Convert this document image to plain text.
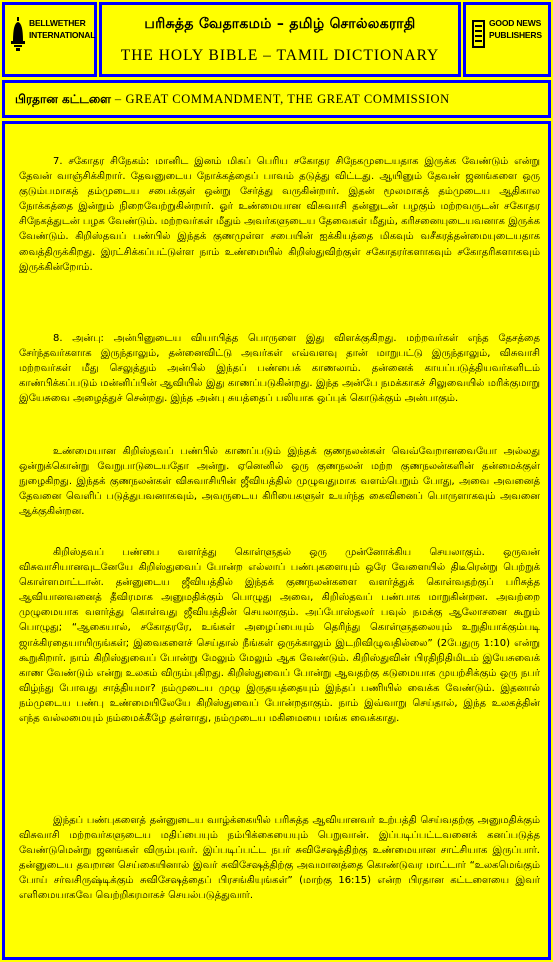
BELLWETHER
INTERNATIONAL
பரிசுத்த வேதாகமம் – தமிழ் சொல்லகராதி
THE HOLY BIBLE – TAMIL DICTIONARY
GOOD NEWS
PUBLISHERS
பிரதான கட்டளை – GREAT COMMANDMENT, THE GREAT COMMISSION

7. சகோதர சிநேகம்: மானிட இனம் மிகப் பெரிய சகோதர சிநேகமுடையதாக இருக்க வேண்டும் என்று தேவன் வாஞ்சிக்கிறார். தேவனுடைய நோக்கத்தைப் பாவம் தடுத்து விட்டது. ஆயினும் தேவன் ஜனங்களை ஒரு குடும்பமாகத் தம்முடைய சபைக்குள் ஒன்று சேர்த்து வருகின்றார். இதன் மூலமாகத் தம்முடைய ஆதிகால நோக்கத்தை இன்றும் நிறைவேற்றுகின்றார். ஓர் உண்மையான விசுவாசி தன்னுடன் பழகும் மற்றவருடன் சகோதர சிநேகத்துடன் பழக வேண்டும். மற்றவர்கள் மீதும் அவர்களுடைய தேவைகள் மீதும், கரிசனையுடையவனாக இருக்க வேண்டும். கிறிஸ்தவப் பண்பில் இந்தக் குணமுள்ள சபையின் ஐக்கியத்தை மிகவும் வசீகரத்தன்மையுடையதாக வைத்திருக்கிறது. இரட்சிக்கப்பட்டுள்ள நாம் உண்மையில் கிறிஸ்துவிற்குள் சகோதரர்களாகவும் சகோதரிகளாகவும் இருக்கின்றோம்.

8. அன்பு: அன்பினுடைய வியாபித்த பொருளை இது விளக்குகிறது. மற்றவர்கள் எந்த தேசத்தை சேர்ந்தவர்களாக இருந்தாலும், தன்னைவிட்டு அவர்கள் எவ்வளவு தான் மாறுபட்டு இருந்தாலும், விசுவாசி மற்றவர்கள் மீது செலுத்தும் அன்பில் இந்தப் பண்பைக் காணலாம். தன்னைக் காயப்படுத்தியவர்களிடம் காண்பிக்கப்படும் மன்னிப்பின் ஆவியில் இது காணப்படுகின்றது. இந்த அன்பே நமக்காகச் சிலுவையில் மரிக்குமாறு இயேசுவை அழைத்துச் சென்றது. இந்த அன்பு சுயத்தைப் பலியாக ஒப்புக் கொடுக்கும் அன்பாகும்.

உண்மையான கிறிஸ்தவப் பண்பில் காணப்படும் இந்தக் குணநலன்கள் வெவ்வேறானவையோ அல்லது ஒன்றுக்கொன்று வேறுபாடுடையதோ அன்று. ஏனெனில் ஒரு குணநலன் மற்ற குணநலன்களின் தன்மைக்குள் நுழைகிறது. இந்தக் குணநலன்கள் விசுவாசியின் ஜீவியத்தில் முழுவதுமாக வளம்பெறும் போது, அவை அவனைத் தேவனை வெளிப் படுத்துபவனாகவும், அவருடைய கிரியைகளுள் உயர்ந்த கைவினைப் பொருளாகவும் அவனை ஆக்குகின்றன.

கிறிஸ்தவப் பண்பை வளர்த்து கொள்ளுதல் ஒரு முன்னோக்கிய செயலாகும். ஒருவன் விசுவாசியானவுடனேயே கிறிஸ்துவைப் போன்ற எல்லாப் பண்புகளையும் ஒரே வேளையில் திடீரென்று பெற்றுக் கொள்ளமாட்டான். தன்னுடைய ஜீவியத்தில் இந்தக் குணநலன்களை வளர்த்துக் கொள்வதற்குப் பரிசுத்த ஆவியானவனைத் தீவிரமாக அனுமதிக்கும் பொழுது அவை, கிறிஸ்தவப் பண்பாக மாறுகின்றன. அவற்றை முழுமையாக வளர்த்து கொள்வது ஜீவியத்தின் செயலாகும். அப்போஸ்தலர் பவுல் நமக்கு ஆலோசனை கூறும் பொழுது; “ஆகையால், சகோதரரே, உங்கள் அழைப்பையும் தெரிந்து கொள்ளுதலையும் உறுதியாக்கும்படி ஜாக்கிரதையாயிருங்கள்; இவைகளைச் செய்தால் நீங்கள் ஒருக்காலும் இடறிவிழுவதில்லை” (2பேதுரு 1:10) என்று கூறுகிறார். நாம் கிறிஸ்துவைப் போன்று மேலும் மேலும் ஆக வேண்டும். கிறிஸ்துவின் பிரதிநிதிமிடம் இயேசுவைக் காண வேண்டும் என்று உலகம் விரும்புகிறது. கிறிஸ்துவைப் போன்று ஆவதற்கு கடுமையாக முயற்சிக்கும் ஒரு நபர் விழ்ந்து போவது சாத்தியமா? நம்முடைய முழு இருதயத்தையும் இந்தப் பணியில் வைக்க வேண்டும். இதனால் நம்முடைய பண்பு உண்மையிலேயே கிறிஸ்துவைப் போன்றதாகும். நாம் இவ்வாறு செய்தால், இந்த உலகத்தின் எந்த வல்லமையும் நம்மைக்கீழே தள்ளாது, நம்முடைய மகிமையை மங்க வைக்காது.

இந்தப் பண்புகளைத் தன்னுடைய வாழ்க்கையில் பரிசுத்த ஆவியானவர் உற்பத்தி செய்வதற்கு அனுமதிக்கும் விசுவாசி மற்றவர்களுடைய மதிப்பையும் நம்பிக்கையையும் பெறுவான். இப்படிப்பட்டவனைக் கனப்படுத்த வேண்டுமென்று ஜனங்கள் விரும்புவர். இப்படிப்பட்ட நபர் சுவிசேஷத்திற்கு உண்மையான சாட்சியாக இருப்பார். தன்னுடைய தவறான செய்கையினால் இவர் சுவிசேஷத்திற்கு அவமானத்தை கொண்டுவர மாட்டார் “உலகமெங்கும் போய் சர்வசிருஷ்டிக்கும் சுவிசேஷத்தைப் பிரசங்கியுங்கள்” (மாற்கு 16:15) என்ற பிரதான கட்டளையை இவர் எளிமையாகவே வெற்றிகரமாகச் செயல்படுத்துவார்.
